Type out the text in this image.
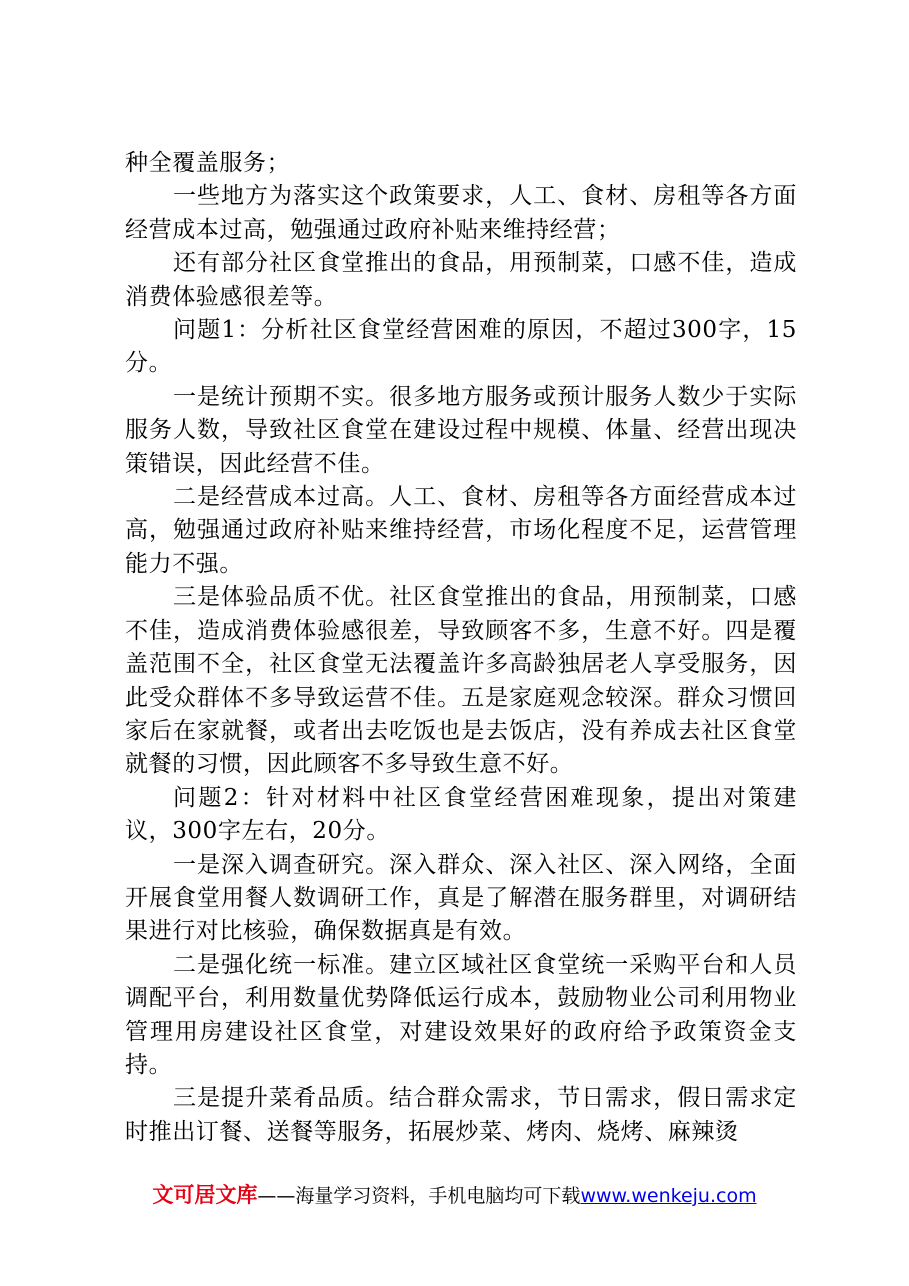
种全覆盖服务；

一些地方为落实这个政策要求，人工、食材、房租等各方面经营成本过高，勉强通过政府补贴来维持经营；

还有部分社区食堂推出的食品，用预制菜，口感不佳，造成消费体验感很差等。

问题1：分析社区食堂经营困难的原因，不超过300字，15分。

一是统计预期不实。很多地方服务或预计服务人数少于实际服务人数，导致社区食堂在建设过程中规模、体量、经营出现决策错误，因此经营不佳。

二是经营成本过高。人工、食材、房租等各方面经营成本过高，勉强通过政府补贴来维持经营，市场化程度不足，运营管理能力不强。

三是体验品质不优。社区食堂推出的食品，用预制菜，口感不佳，造成消费体验感很差，导致顾客不多，生意不好。四是覆盖范围不全，社区食堂无法覆盖许多高龄独居老人享受服务，因此受众群体不多导致运营不佳。五是家庭观念较深。群众习惯回家后在家就餐，或者出去吃饭也是去饭店，没有养成去社区食堂就餐的习惯，因此顾客不多导致生意不好。

问题2：针对材料中社区食堂经营困难现象，提出对策建议，300字左右，20分。

一是深入调查研究。深入群众、深入社区、深入网络，全面开展食堂用餐人数调研工作，真是了解潜在服务群里，对调研结果进行对比核验，确保数据真是有效。

二是强化统一标准。建立区域社区食堂统一采购平台和人员调配平台，利用数量优势降低运行成本，鼓励物业公司利用物业管理用房建设社区食堂，对建设效果好的政府给予政策资金支持。

三是提升菜肴品质。结合群众需求，节日需求，假日需求定时推出订餐、送餐等服务，拓展炒菜、烤肉、烧烤、麻辣烫

文可居文库——海量学习资料，手机电脑均可下载www.wenkeju.com
